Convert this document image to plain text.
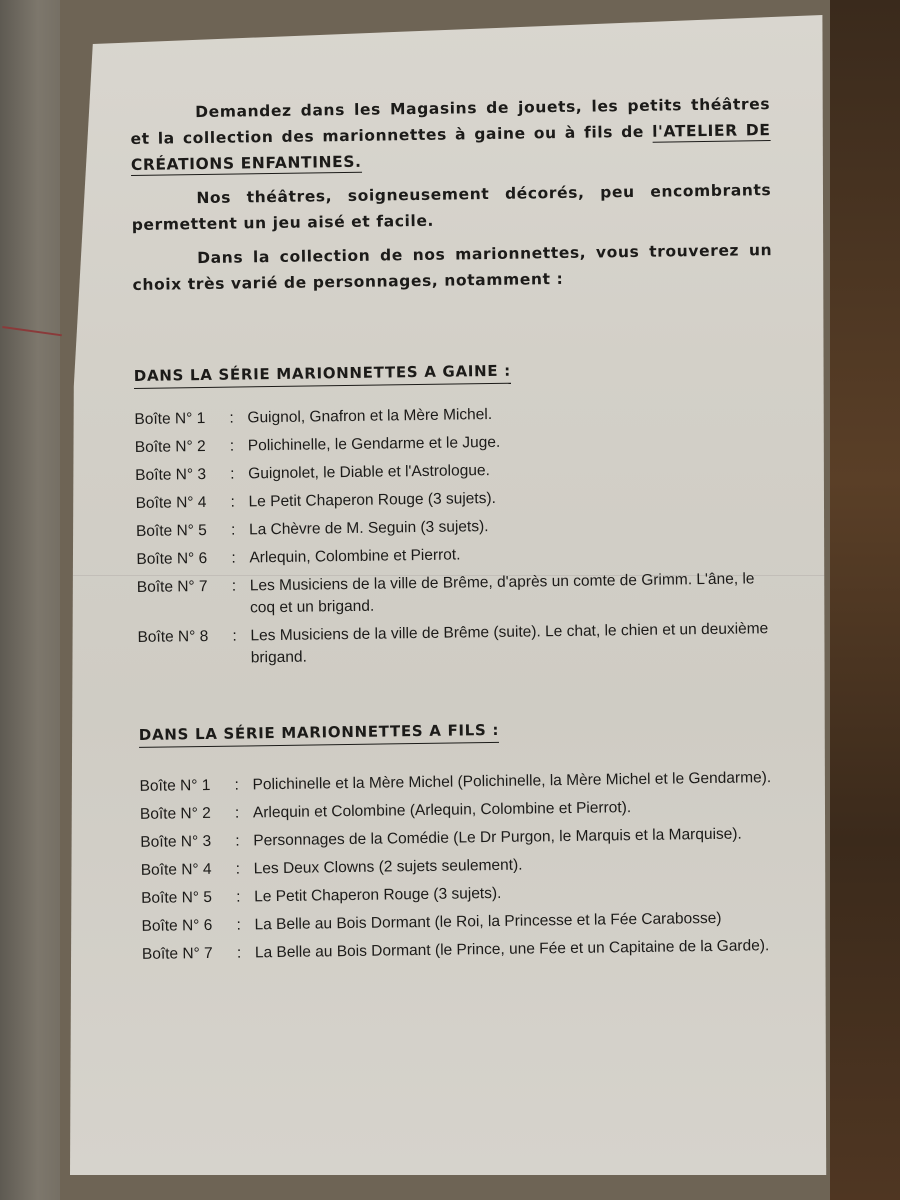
Demandez dans les Magasins de jouets, les petits théâtres et la collection des marionnettes à gaine ou à fils de l'ATELIER DE CRÉATIONS ENFANTINES.

Nos théâtres, soigneusement décorés, peu encombrants permettent un jeu aisé et facile.

Dans la collection de nos marionnettes, vous trouverez un choix très varié de personnages, notamment :

DANS LA SÉRIE MARIONNETTES A GAINE :
Boîte N° 1	: Guignol, Gnafron et la Mère Michel.
Boîte N° 2	: Polichinelle, le Gendarme et le Juge.
Boîte N° 3	: Guignolet, le Diable et l'Astrologue.
Boîte N° 4	: Le Petit Chaperon Rouge (3 sujets).
Boîte N° 5	: La Chèvre de M. Seguin (3 sujets).
Boîte N° 6	: Arlequin, Colombine et Pierrot.
Boîte N° 7	: Les Musiciens de la ville de Brême, d'après un comte de Grimm. L'âne, le coq et un brigand.
Boîte N° 8	: Les Musiciens de la ville de Brême (suite). Le chat, le chien et un deuxième brigand.
DANS LA SÉRIE MARIONNETTES A FILS :
Boîte N° 1	: Polichinelle et la Mère Michel (Polichinelle, la Mère Michel et le Gendarme).
Boîte N° 2	: Arlequin et Colombine (Arlequin, Colombine et Pierrot).
Boîte N° 3	: Personnages de la Comédie (Le Dr Purgon, le Marquis et la Marquise).
Boîte N° 4	: Les Deux Clowns (2 sujets seulement).
Boîte N° 5	: Le Petit Chaperon Rouge (3 sujets).
Boîte N° 6	: La Belle au Bois Dormant (le Roi, la Princesse et la Fée Carabosse)
Boîte N° 7	: La Belle au Bois Dormant (le Prince, une Fée et un Capitaine de la Garde).
